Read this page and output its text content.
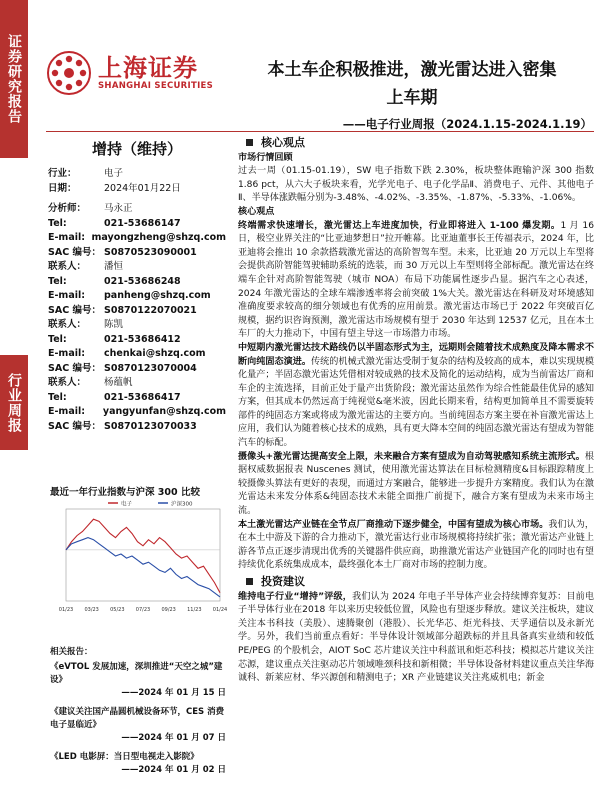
证券研究报告
行业周报
上海证券
SHANGHAI SECURITIES
本土车企积极推进，激光雷达进入密集
上车期
——电子行业周报（2024.1.15-2024.1.19）
增持（维持）
行业：	电子
日期：	2024年01月22日
分析师：	马永正
Tel:	021-53686147
E-mail: mayongzheng@shzq.com
SAC 编号： S0870523090001
联系人：	潘恒
Tel:	021-53686248
E-mail:	panheng@shzq.com
SAC 编号： S0870122070021
联系人：	陈凯
Tel:	021-53686412
E-mail:	chenkai@shzq.com
SAC 编号： S0870123070004
联系人：	杨蕴帆
Tel:	021-53686417
E-mail:	yangyunfan@shzq.com
SAC 编号： S0870123070033
最近一年行业指数与沪深 300 比较
电子	沪深300
01/23 03/23 05/23 07/23 09/23 11/23 01/24
相关报告：
《eVTOL 发展加速，深圳推进“天空之城”建设》
——2024 年 01 月 15 日
《建议关注国产晶圆机械设备环节，CES 消费电子显临近》
——2024 年 01 月 07 日
《LED 电影屏：当日型电视走入影院》
——2024 年 01 月 02 日
核心观点
市场行情回顾

过去一周（01.15-01.19），SW 电子指数下跌 2.30%，板块整体跑输沪深 300 指数 1.86 pct，从六大子板块来看，光学光电子、电子化学品Ⅱ、消费电子、元件、其他电子Ⅱ、半导体涨跌幅分别为-3.48%、-4.02%、-3.35%、-1.87%、-5.33%、-1.06%。

核心观点

终端需求快速增长，激光雷达上车进度加快，行业即将进入 1-100 爆发期。1 月 16 日，极空业界关注的“比亚迪梦想日”拉开帷幕。比亚迪董事长王传福表示，2024 年，比亚迪将会推出 10 余款搭载激光雷达的高阶智驾车型。未来，比亚迪 20 万元以上车型将会提供高阶智能驾驶辅助系统的选装，而 30 万元以上车型则将全部标配。激光雷达在终端车企针对高阶智能驾驶（城市 NOA）布局下功能属性逐步凸显。据汽车之心表述，2024 年激光雷达的全球车端渗透率将会前突破 1%大关。激光雷达在科研及对环境感知准确度要求较高的细分领域也有优秀的应用前景。激光雷达市场已于 2022 年突破百亿规模，据约识咨询预测，激光雷达市场规模有望于 2030 年达到 12537 亿元，且在本土车厂的大力推动下，中国有望主导这一市场潜力市场。

中短期内激光雷达技术路线仍以半固态形式为主，远期则会随着技术成熟度及降本需求不断向纯固态演进。传统的机械式激光雷达受制于复杂的结构及较高的成本，难以实现规模化量产；半固态激光雷达凭借相对较成熟的技术及简化的运动结构，成为当前雷达厂商和车企的主流选择，目前正处于量产出货阶段；激光雷达虽然作为综合性能最佳优异的感知方案，但其成本仍然远高于纯视觉&毫米波，因此长期来看，结构更加简单且不需要旋转部件的纯固态方案或将成为激光雷达的主要方向。当前纯固态方案主要在补盲激光雷达上应用，我们认为随着核心技术的成熟，具有更大降本空间的纯固态激光雷达有望成为智能汽车的标配。

摄像头+激光雷达提高安全上限，未来融合方案有望成为自动驾驶感知系统主流形式。根据权威数据报表 Nuscenes 测试，使用激光雷达算法在目标检测精度&目标跟踪精度上较摄像头算法有更好的表现，而通过方案融合，能够进一步提升方案精度。我们认为在激光雷达未来发分体系&纯固态技术未能全面推广前提下，融合方案有望成为未来市场主流。

本土激光雷达产业链在全节点厂商推动下逐步健全，中国有望成为核心市场。我们认为，在本土中游及下游的合力推动下，激光雷达行业市场规模将持续扩张；激光雷达产业链上游各节点正逐步清现出优秀的关键器件供应商，助推激光雷达产业链国产化的同时也有望持续优化系统集成成本，最终强化本土厂商对市场的控制力度。

投资建议

维持电子行业“增持”评级，我们认为 2024 年电子半导体产业会持续博弈复苏：目前电子半导体行业在2018 年以来历史较低位置，风险也有望逐步释放。建议关注板块，建议关注本书科技（美股）、速腾聚创（港股）、长光华芯、炬光科技、天孚通信以及永新光学。另外，我们当前重点看好：半导体设计领域部分超跌标的并且具备真实业绩和较低 PE/PEG 的个股机会，AIOT SoC 芯片建议关注中科蓝讯和炬芯科技；模拟芯片建议关注芯源，建议重点关注驱动芯片领域唯颈科技和新相微；半导体设备材料建议重点关注华海诚科、新莱应材、华兴源创和精测电子；XR 产业链建议关注兆威机电；新金
